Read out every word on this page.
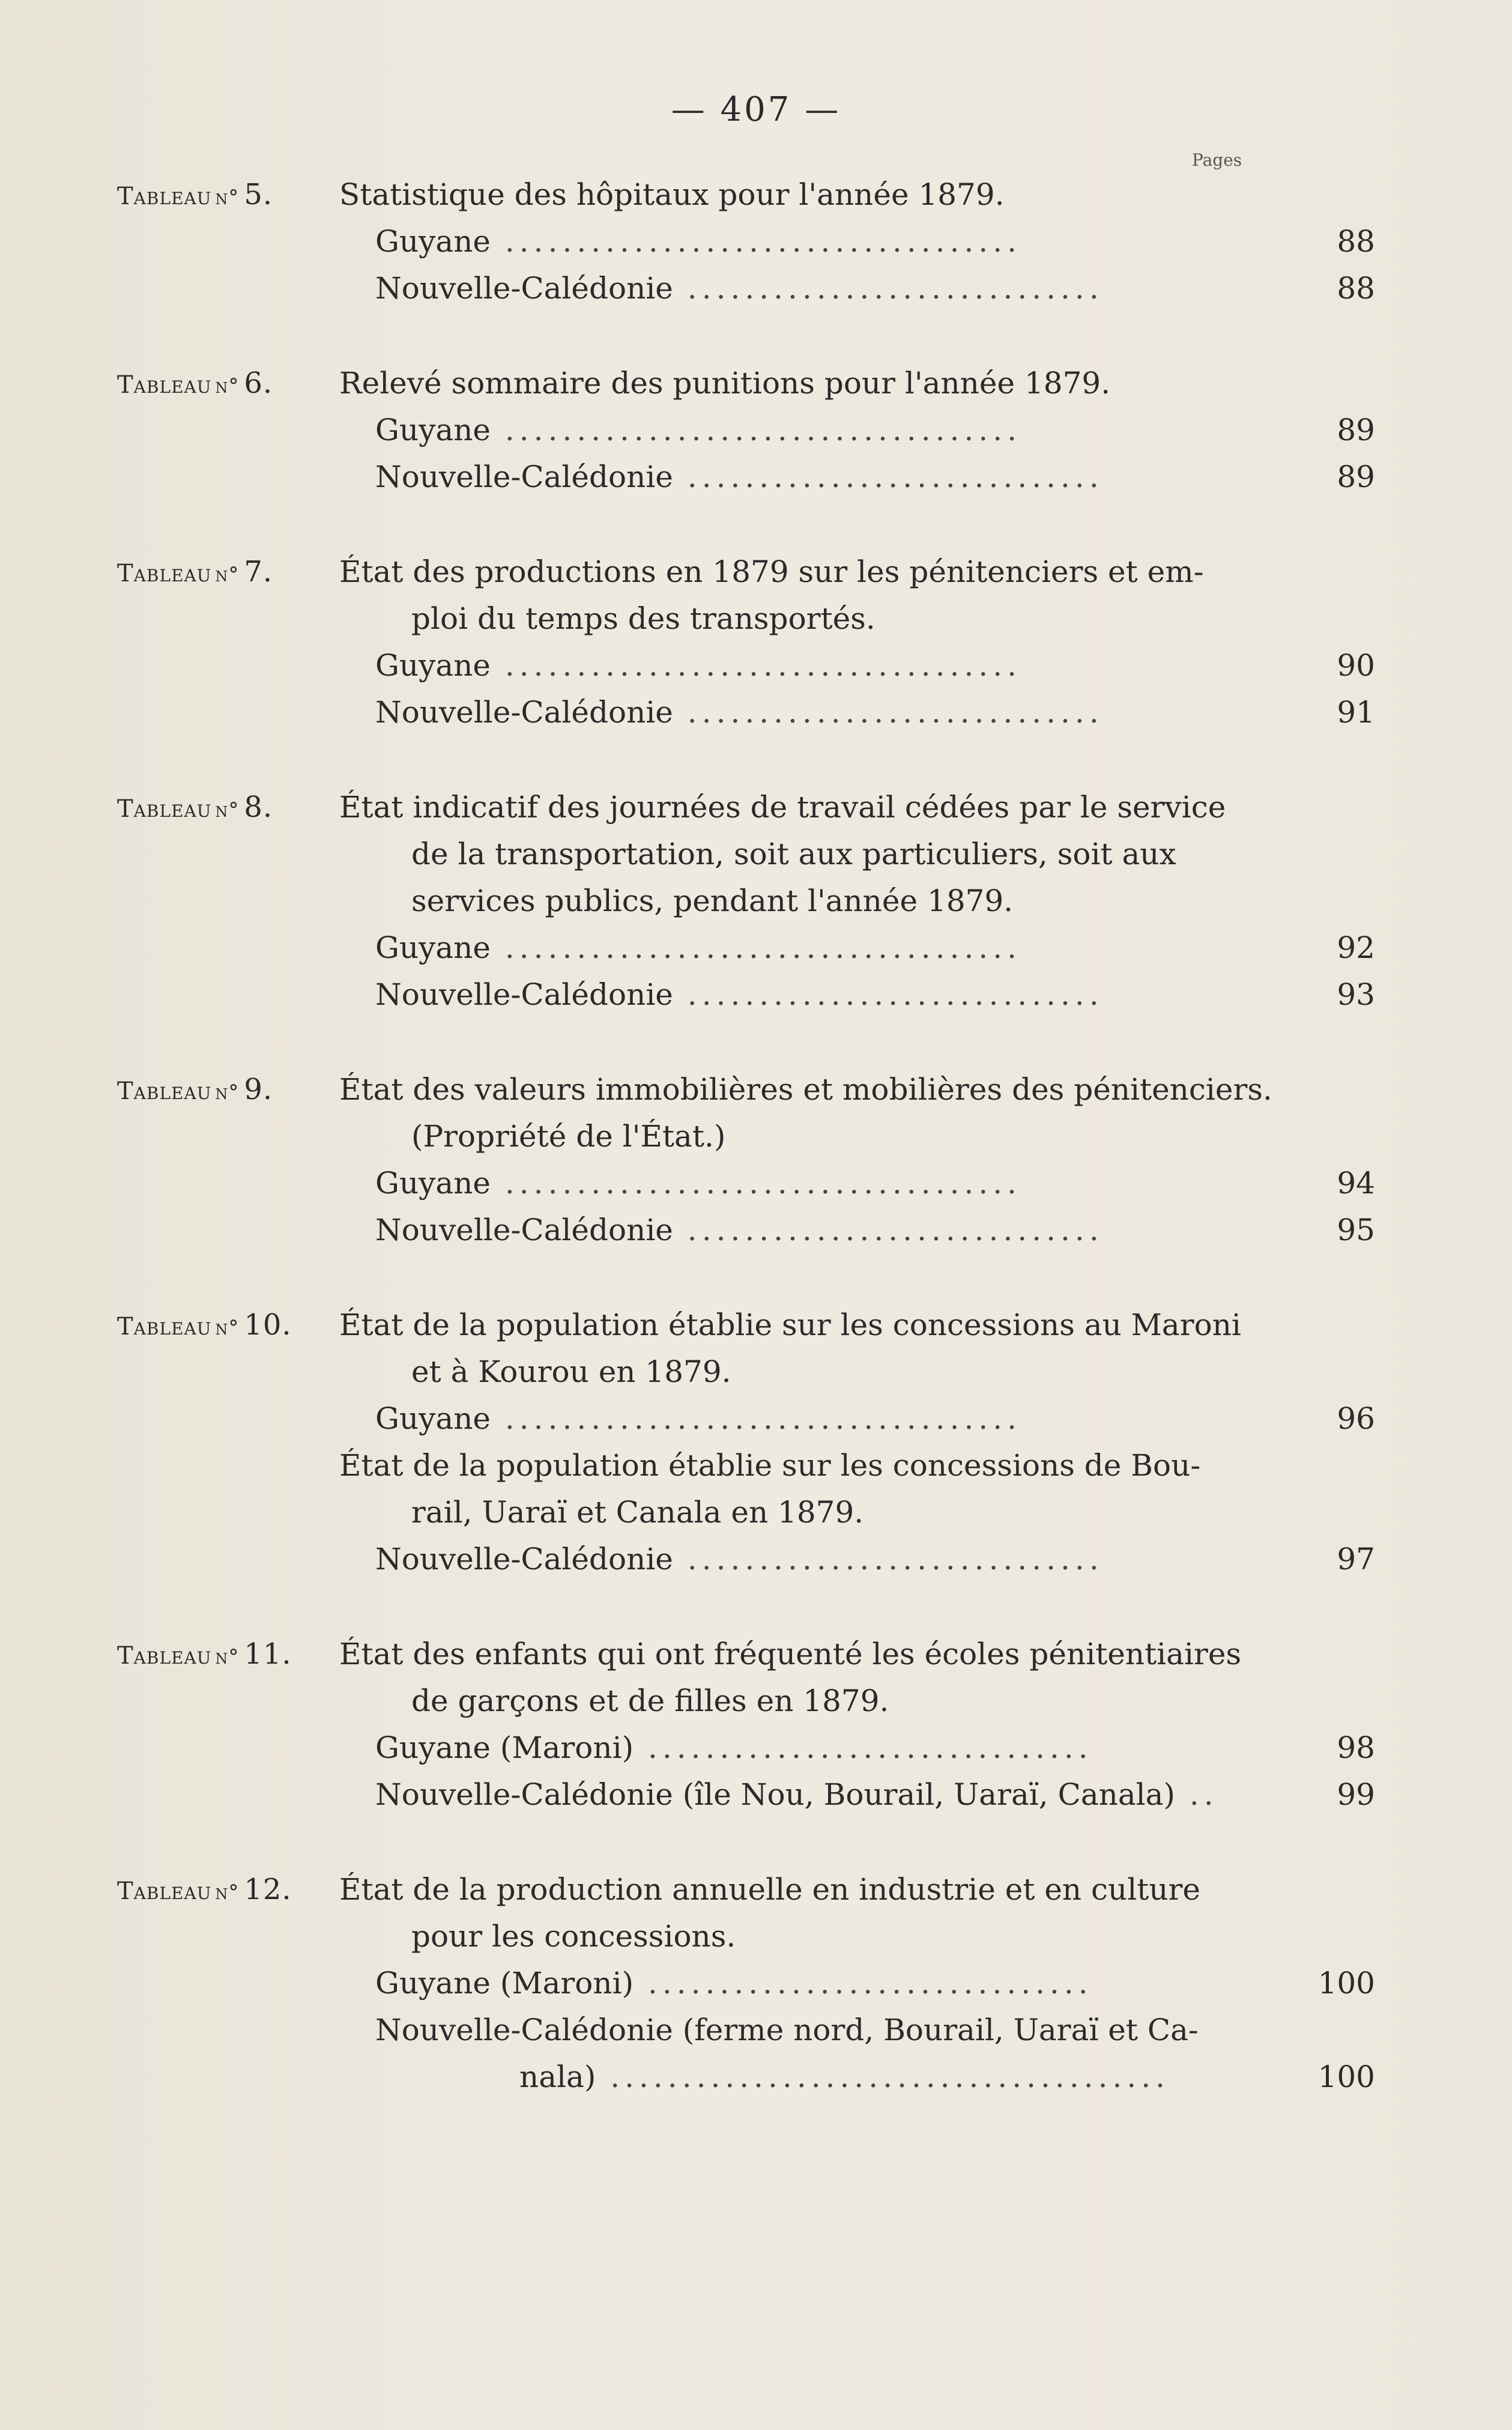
— 407 —
Pages
Tableau n° 5. Statistique des hôpitaux pour l'année 1879.
Guyane ....................................	88
Nouvelle-Calédonie .............................	88
Tableau n° 6. Relevé sommaire des punitions pour l'année 1879.
Guyane ....................................	89
Nouvelle-Calédonie .............................	89
Tableau n° 7. État des productions en 1879 sur les pénitenciers et em-
ploi du temps des transportés.
Guyane ....................................	90
Nouvelle-Calédonie .............................	91
Tableau n° 8. État indicatif des journées de travail cédées par le service
de la transportation, soit aux particuliers, soit aux
services publics, pendant l'année 1879.
Guyane ....................................	92
Nouvelle-Calédonie .............................	93
Tableau n° 9. État des valeurs immobilières et mobilières des pénitenciers.
(Propriété de l'État.)
Guyane ....................................	94
Nouvelle-Calédonie .............................	95
Tableau n° 10. État de la population établie sur les concessions au Maroni
et à Kourou en 1879.
Guyane ....................................	96
État de la population établie sur les concessions de Bou-
rail, Uaraï et Canala en 1879.
Nouvelle-Calédonie .............................	97
Tableau n° 11. État des enfants qui ont fréquenté les écoles pénitentiaires
de garçons et de filles en 1879.
Guyane (Maroni) ...............................	98
Nouvelle-Calédonie (île Nou, Bourail, Uaraï, Canala) ..	99
Tableau n° 12. État de la production annuelle en industrie et en culture
pour les concessions.
Guyane (Maroni) ...............................	100
Nouvelle-Calédonie (ferme nord, Bourail, Uaraï et Ca-
nala) .......................................	100
